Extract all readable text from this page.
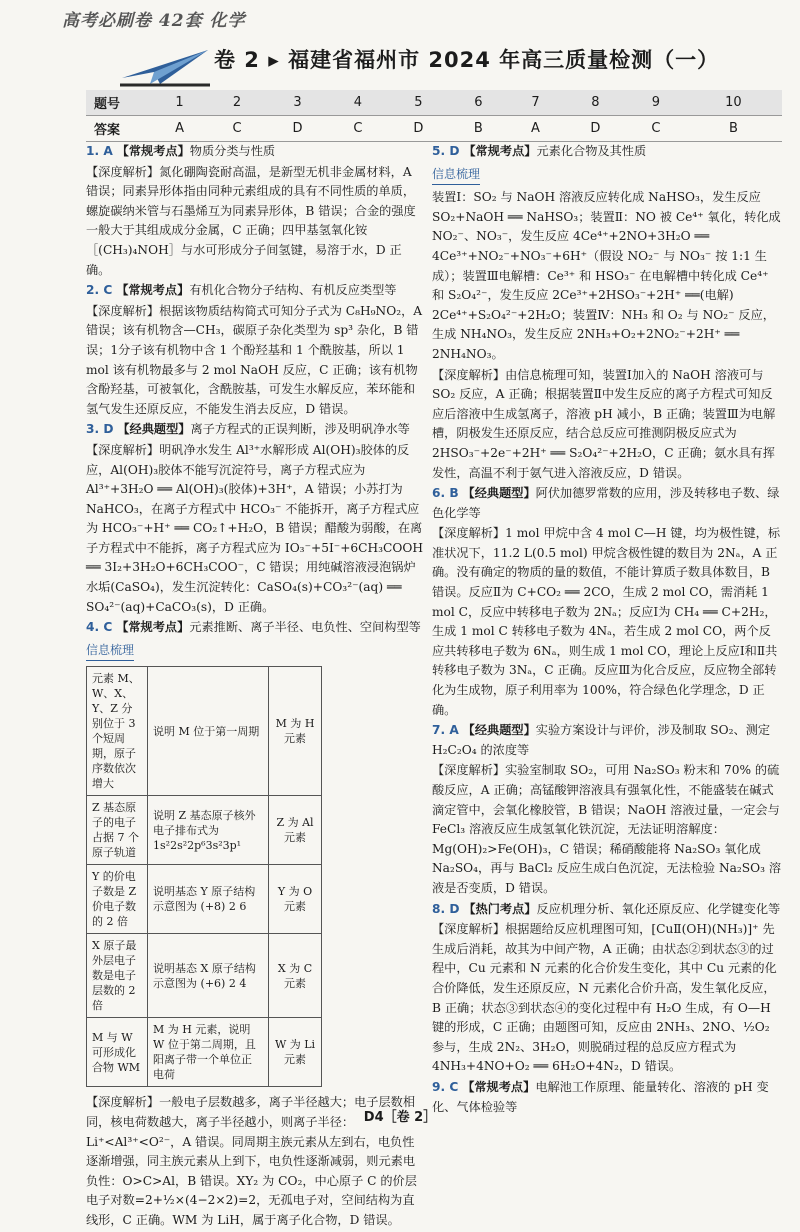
高考必刷卷 42套 化学
卷 2 ▸ 福建省福州市 2024 年高三质量检测（一）
题号	1	2	3	4	5	6	7	8	9	10
答案	A	C	D	C	D	B	A	D	C	B

1. A 【常规考点】物质分类与性质

【深度解析】氮化硼陶瓷耐高温，是新型无机非金属材料，A 错误；同素异形体指由同种元素组成的具有不同性质的单质，螺旋碳纳米管与石墨烯互为同素异形体，B 错误；合金的强度一般大于其组成成分金属，C 正确；四甲基氢氧化铵［(CH₃)₄NOH］与水可形成分子间氢键，易溶于水，D 正确。

2. C 【常规考点】有机化合物分子结构、有机反应类型等

【深度解析】根据该物质结构简式可知分子式为 C₈H₉NO₂，A 错误；该有机物含—CH₃，碳原子杂化类型为 sp³ 杂化，B 错误；1分子该有机物中含 1 个酚羟基和 1 个酰胺基，所以 1 mol 该有机物最多与 2 mol NaOH 反应，C 正确；该有机物含酚羟基，可被氧化，含酰胺基，可发生水解反应，苯环能和氢气发生还原反应，不能发生消去反应，D 错误。

3. D 【经典题型】离子方程式的正误判断，涉及明矾净水等

【深度解析】明矾净水发生 Al³⁺水解形成 Al(OH)₃胶体的反应，Al(OH)₃胶体不能写沉淀符号，离子方程式应为 Al³⁺+3H₂O ══ Al(OH)₃(胶体)+3H⁺，A 错误；小苏打为 NaHCO₃，在离子方程式中 HCO₃⁻ 不能拆开，离子方程式应为 HCO₃⁻+H⁺ ══ CO₂↑+H₂O，B 错误；醋酸为弱酸，在离子方程式中不能拆，离子方程式应为 IO₃⁻+5I⁻+6CH₃COOH ══ 3I₂+3H₂O+6CH₃COO⁻，C 错误；用纯碱溶液浸泡锅炉水垢(CaSO₄)，发生沉淀转化：CaSO₄(s)+CO₃²⁻(aq) ══ SO₄²⁻(aq)+CaCO₃(s)，D 正确。

4. C 【常规考点】元素推断、离子半径、电负性、空间构型等

信息梳理
元素 M、W、X、Y、Z 分别位于 3 个短周期，原子序数依次增大	说明 M 位于第一周期	M 为 H 元素
Z 基态原子的电子占据 7 个原子轨道	说明 Z 基态原子核外电子排布式为 1s²2s²2p⁶3s²3p¹	Z 为 Al 元素
Y 的价电子数是 Z 价电子数的 2 倍	说明基态 Y 原子结构示意图为 (+8) 2 6	Y 为 O 元素
X 原子最外层电子数是电子层数的 2 倍	说明基态 X 原子结构示意图为 (+6) 2 4	X 为 C 元素
M 与 W 可形成化合物 WM	M 为 H 元素，说明 W 位于第二周期，且阳离子带一个单位正电荷	W 为 Li 元素

【深度解析】一般电子层数越多，离子半径越大；电子层数相同，核电荷数越大，离子半径越小，则离子半径：Li⁺<Al³⁺<O²⁻，A 错误。同周期主族元素从左到右，电负性逐渐增强，同主族元素从上到下，电负性逐渐减弱，则元素电负性：O>C>Al，B 错误。XY₂ 为 CO₂，中心原子 C 的价层电子对数=2+½×(4−2×2)=2，无孤电子对，空间结构为直线形，C 正确。WM 为 LiH，属于离子化合物，D 错误。

5. D 【常规考点】元素化合物及其性质

信息梳理

装置Ⅰ：SO₂ 与 NaOH 溶液反应转化成 NaHSO₃，发生反应 SO₂+NaOH ══ NaHSO₃；装置Ⅱ：NO 被 Ce⁴⁺ 氧化，转化成 NO₂⁻、NO₃⁻，发生反应 4Ce⁴⁺+2NO+3H₂O ══ 4Ce³⁺+NO₂⁻+NO₃⁻+6H⁺（假设 NO₂⁻ 与 NO₃⁻ 按 1:1 生成）；装置Ⅲ电解槽：Ce³⁺ 和 HSO₃⁻ 在电解槽中转化成 Ce⁴⁺ 和 S₂O₄²⁻，发生反应 2Ce³⁺+2HSO₃⁻+2H⁺ ══(电解) 2Ce⁴⁺+S₂O₄²⁻+2H₂O；装置Ⅳ：NH₃ 和 O₂ 与 NO₂⁻ 反应，生成 NH₄NO₃，发生反应 2NH₃+O₂+2NO₂⁻+2H⁺ ══ 2NH₄NO₃。

【深度解析】由信息梳理可知，装置Ⅰ加入的 NaOH 溶液可与 SO₂ 反应，A 正确；根据装置Ⅱ中发生反应的离子方程式可知反应后溶液中生成氢离子，溶液 pH 减小，B 正确；装置Ⅲ为电解槽，阴极发生还原反应，结合总反应可推测阴极反应式为 2HSO₃⁻+2e⁻+2H⁺ ══ S₂O₄²⁻+2H₂O，C 正确；氨水具有挥发性，高温不利于氨气进入溶液反应，D 错误。

6. B 【经典题型】阿伏加德罗常数的应用，涉及转移电子数、绿色化学等

【深度解析】1 mol 甲烷中含 4 mol C—H 键，均为极性键，标准状况下，11.2 L(0.5 mol) 甲烷含极性键的数目为 2Nₐ，A 正确。没有确定的物质的量的数值，不能计算质子数具体数目，B 错误。反应Ⅱ为 C+CO₂ ══ 2CO，生成 2 mol CO，需消耗 1 mol C，反应中转移电子数为 2Nₐ；反应Ⅰ为 CH₄ ══ C+2H₂，生成 1 mol C 转移电子数为 4Nₐ，若生成 2 mol CO，两个反应共转移电子数为 6Nₐ，则生成 1 mol CO，理论上反应Ⅰ和Ⅱ共转移电子数为 3Nₐ，C 正确。反应Ⅲ为化合反应，反应物全部转化为生成物，原子利用率为 100%，符合绿色化学理念，D 正确。

7. A 【经典题型】实验方案设计与评价，涉及制取 SO₂、测定 H₂C₂O₄ 的浓度等

【深度解析】实验室制取 SO₂，可用 Na₂SO₃ 粉末和 70% 的硫酸反应，A 正确；高锰酸钾溶液具有强氧化性，不能盛装在碱式滴定管中，会氧化橡胶管，B 错误；NaOH 溶液过量，一定会与 FeCl₃ 溶液反应生成氢氧化铁沉淀，无法证明溶解度：Mg(OH)₂>Fe(OH)₃，C 错误；稀硝酸能将 Na₂SO₃ 氧化成 Na₂SO₄，再与 BaCl₂ 反应生成白色沉淀，无法检验 Na₂SO₃ 溶液是否变质，D 错误。

8. D 【热门考点】反应机理分析、氧化还原反应、化学键变化等

【深度解析】根据题给反应机理图可知，[CuⅡ(OH)(NH₃)]⁺ 先生成后消耗，故其为中间产物，A 正确；由状态②到状态③的过程中，Cu 元素和 N 元素的化合价发生变化，其中 Cu 元素的化合价降低，发生还原反应，N 元素化合价升高，发生氧化反应，B 正确；状态③到状态④的变化过程中有 H₂O 生成，有 O—H 键的形成，C 正确；由题图可知，反应由 2NH₃、2NO、½O₂ 参与，生成 2N₂、3H₂O，则脱硝过程的总反应方程式为 4NH₃+4NO+O₂ ══ 6H₂O+4N₂，D 错误。

9. C 【常规考点】电解池工作原理、能量转化、溶液的 pH 变化、气体检验等

D4［卷 2］
